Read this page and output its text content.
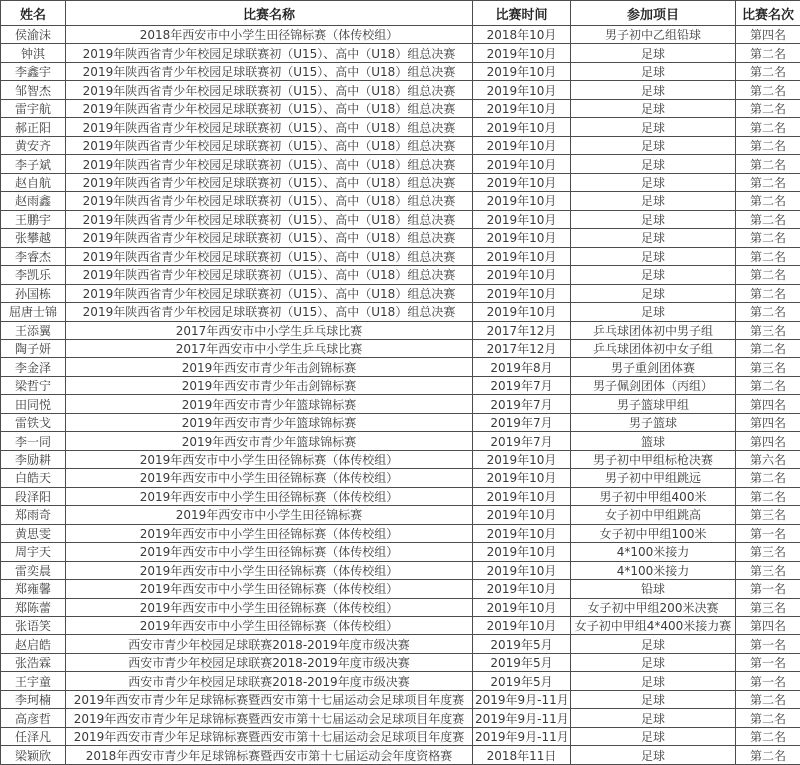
姓名	比赛名称	比赛时间	参加项目	比赛名次
侯渝沫	2018年西安市中小学生田径锦标赛（体传校组）	2018年10月	男子初中乙组铅球	第四名
钟淇	2019年陕西省青少年校园足球联赛初（U15）、高中（U18）组总决赛	2019年10月	足球	第二名
李鑫宇	2019年陕西省青少年校园足球联赛初（U15）、高中（U18）组总决赛	2019年10月	足球	第二名
邹智杰	2019年陕西省青少年校园足球联赛初（U15）、高中（U18）组总决赛	2019年10月	足球	第二名
雷宇航	2019年陕西省青少年校园足球联赛初（U15）、高中（U18）组总决赛	2019年10月	足球	第二名
郝正阳	2019年陕西省青少年校园足球联赛初（U15）、高中（U18）组总决赛	2019年10月	足球	第二名
黄安齐	2019年陕西省青少年校园足球联赛初（U15）、高中（U18）组总决赛	2019年10月	足球	第二名
李子斌	2019年陕西省青少年校园足球联赛初（U15）、高中（U18）组总决赛	2019年10月	足球	第二名
赵自航	2019年陕西省青少年校园足球联赛初（U15）、高中（U18）组总决赛	2019年10月	足球	第二名
赵雨鑫	2019年陕西省青少年校园足球联赛初（U15）、高中（U18）组总决赛	2019年10月	足球	第二名
王鹏宇	2019年陕西省青少年校园足球联赛初（U15）、高中（U18）组总决赛	2019年10月	足球	第二名
张攀越	2019年陕西省青少年校园足球联赛初（U15）、高中（U18）组总决赛	2019年10月	足球	第二名
李睿杰	2019年陕西省青少年校园足球联赛初（U15）、高中（U18）组总决赛	2019年10月	足球	第二名
李凯乐	2019年陕西省青少年校园足球联赛初（U15）、高中（U18）组总决赛	2019年10月	足球	第二名
孙国栋	2019年陕西省青少年校园足球联赛初（U15）、高中（U18）组总决赛	2019年10月	足球	第二名
屈唐士锦	2019年陕西省青少年校园足球联赛初（U15）、高中（U18）组总决赛	2019年10月	足球	第二名
王添翼	2017年西安市中小学生乒乓球比赛	2017年12月	乒乓球团体初中男子组	第三名
陶子妍	2017年西安市中小学生乒乓球比赛	2017年12月	乒乓球团体初中女子组	第二名
李金泽	2019年西安市青少年击剑锦标赛	2019年8月	男子重剑团体赛	第三名
梁哲宁	2019年西安市青少年击剑锦标赛	2019年7月	男子佩剑团体（丙组）	第二名
田同悦	2019年西安市青少年篮球锦标赛	2019年7月	男子篮球甲组	第四名
雷铁戈	2019年西安市青少年篮球锦标赛	2019年7月	男子篮球	第四名
李一同	2019年西安市青少年篮球锦标赛	2019年7月	篮球	第四名
李励耕	2019年西安市中小学生田径锦标赛（体传校组）	2019年10月	男子初中甲组标枪决赛	第六名
白皓天	2019年西安市中小学生田径锦标赛（体传校组）	2019年10月	男子初中甲组跳远	第二名
段泽阳	2019年西安市中小学生田径锦标赛（体传校组）	2019年10月	男子初中甲组400米	第二名
郑雨奇	2019年西安市中小学生田径锦标赛	2019年10月	女子初中甲组跳高	第三名
黄思雯	2019年西安市中小学生田径锦标赛（体传校组）	2019年10月	女子初中甲组100米	第一名
周宇天	2019年西安市中小学生田径锦标赛（体传校组）	2019年10月	4*100米接力	第三名
雷奕晨	2019年西安市中小学生田径锦标赛（体传校组）	2019年10月	4*100米接力	第三名
郑雍馨	2019年西安市中小学生田径锦标赛（体传校组）	2019年10月	铅球	第一名
郑陈蕾	2019年西安市中小学生田径锦标赛（体传校组）	2019年10月	女子初中甲组200米决赛	第三名
张语笑	2019年西安市中小学生田径锦标赛（体传校组）	2019年10月	女子初中甲组4*400米接力赛	第四名
赵启皓	西安市青少年校园足球联赛2018-2019年度市级决赛	2019年5月	足球	第一名
张浩霖	西安市青少年校园足球联赛2018-2019年度市级决赛	2019年5月	足球	第一名
王宇童	西安市青少年校园足球联赛2018-2019年度市级决赛	2019年5月	足球	第一名
李珂楠	2019年西安市青少年足球锦标赛暨西安市第十七届运动会足球项目年度赛	2019年9月-11月	足球	第二名
高彦哲	2019年西安市青少年足球锦标赛暨西安市第十七届运动会足球项目年度赛	2019年9月-11月	足球	第二名
任泽凡	2019年西安市青少年足球锦标赛暨西安市第十七届运动会足球项目年度赛	2019年9月-11月	足球	第二名
梁颖欣	2018年西安市青少年足球锦标赛暨西安市第十七届运动会年度资格赛	2018年11日	足球	第二名
